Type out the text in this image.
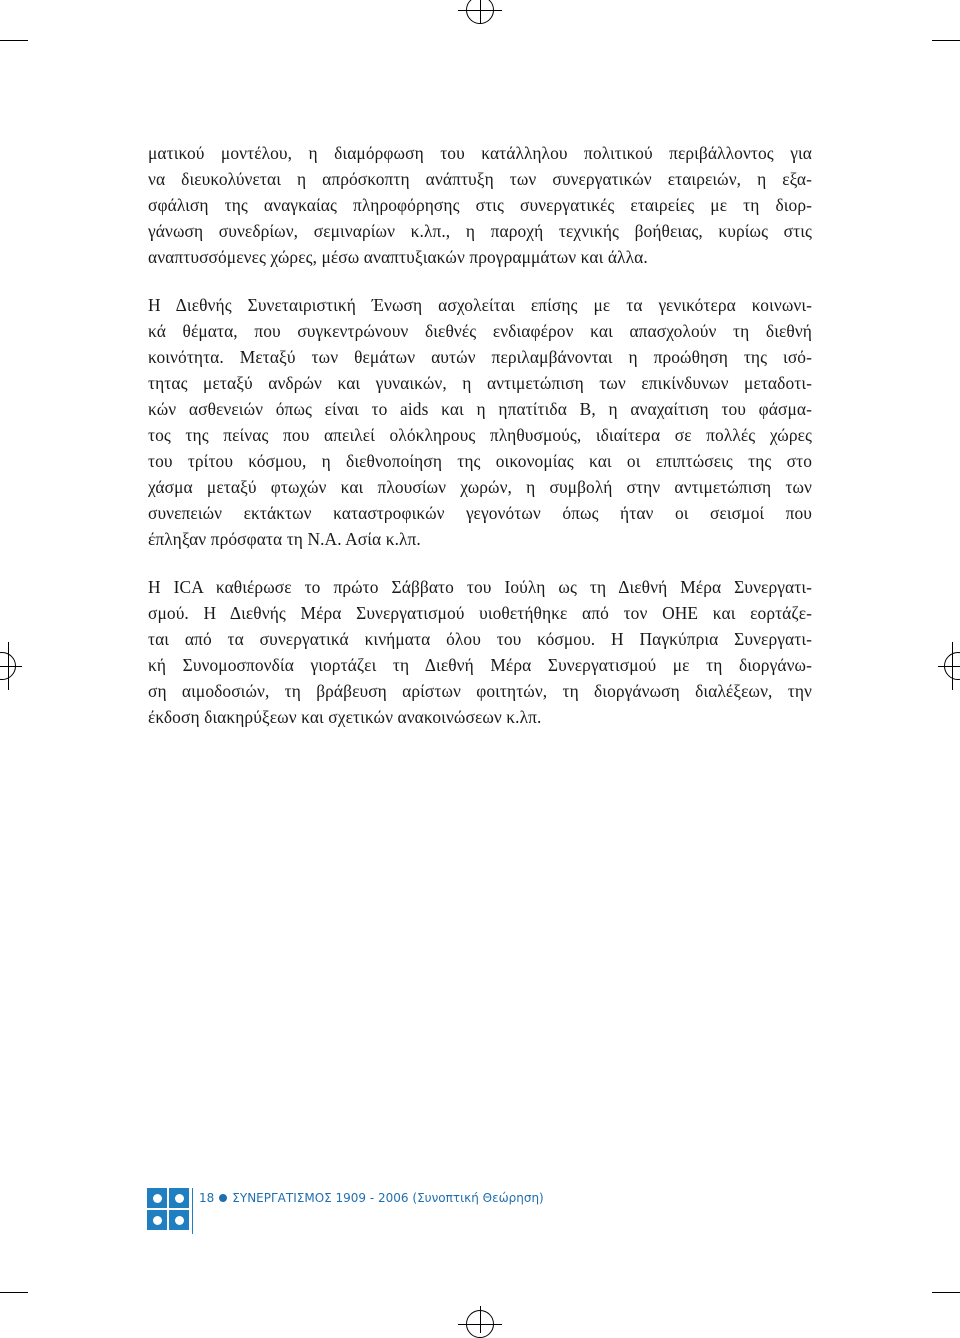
ματικού μοντέλου, η διαμόρφωση του κατάλληλου πολιτικού περιβάλλοντος για
να διευκολύνεται η απρόσκοπτη ανάπτυξη των συνεργατικών εταιρειών, η εξα-
σφάλιση της αναγκαίας πληροφόρησης στις συνεργατικές εταιρείες με τη διορ-
γάνωση συνεδρίων, σεμιναρίων κ.λπ., η παροχή τεχνικής βοήθειας, κυρίως στις
αναπτυσσόμενες χώρες, μέσω αναπτυξιακών προγραμμάτων και άλλα.
Η Διεθνής Συνεταιριστική Ένωση ασχολείται επίσης με τα γενικότερα κοινωνι-
κά θέματα, που συγκεντρώνουν διεθνές ενδιαφέρον και απασχολούν τη διεθνή
κοινότητα. Μεταξύ των θεμάτων αυτών περιλαμβάνονται η προώθηση της ισό-
τητας μεταξύ ανδρών και γυναικών, η αντιμετώπιση των επικίνδυνων μεταδοτι-
κών ασθενειών όπως είναι το aids και η ηπατίτιδα Β, η αναχαίτιση του φάσμα-
τος της πείνας που απειλεί ολόκληρους πληθυσμούς, ιδιαίτερα σε πολλές χώρες
του τρίτου κόσμου, η διεθνοποίηση της οικονομίας και οι επιπτώσεις της στο
χάσμα μεταξύ φτωχών και πλουσίων χωρών, η συμβολή στην αντιμετώπιση των
συνεπειών εκτάκτων καταστροφικών γεγονότων όπως ήταν οι σεισμοί που
έπληξαν πρόσφατα τη Ν.Α. Ασία κ.λπ.
Η ICA καθιέρωσε το πρώτο Σάββατο του Ιούλη ως τη Διεθνή Μέρα Συνεργατι-
σμού. Η Διεθνής Μέρα Συνεργατισμού υιοθετήθηκε από τον ΟΗΕ και εορτάζε-
ται από τα συνεργατικά κινήματα όλου του κόσμου. Η Παγκύπρια Συνεργατι-
κή Συνομοσπονδία γιορτάζει τη Διεθνή Μέρα Συνεργατισμού με τη διοργάνω-
ση αιμοδοσιών, τη βράβευση αρίστων φοιτητών, τη διοργάνωση διαλέξεων, την
έκδοση διακηρύξεων και σχετικών ανακοινώσεων κ.λπ.
18 ΣΥΝΕΡΓΑΤΙΣΜΟΣ 1909 - 2006 (Συνοπτική Θεώρηση)
